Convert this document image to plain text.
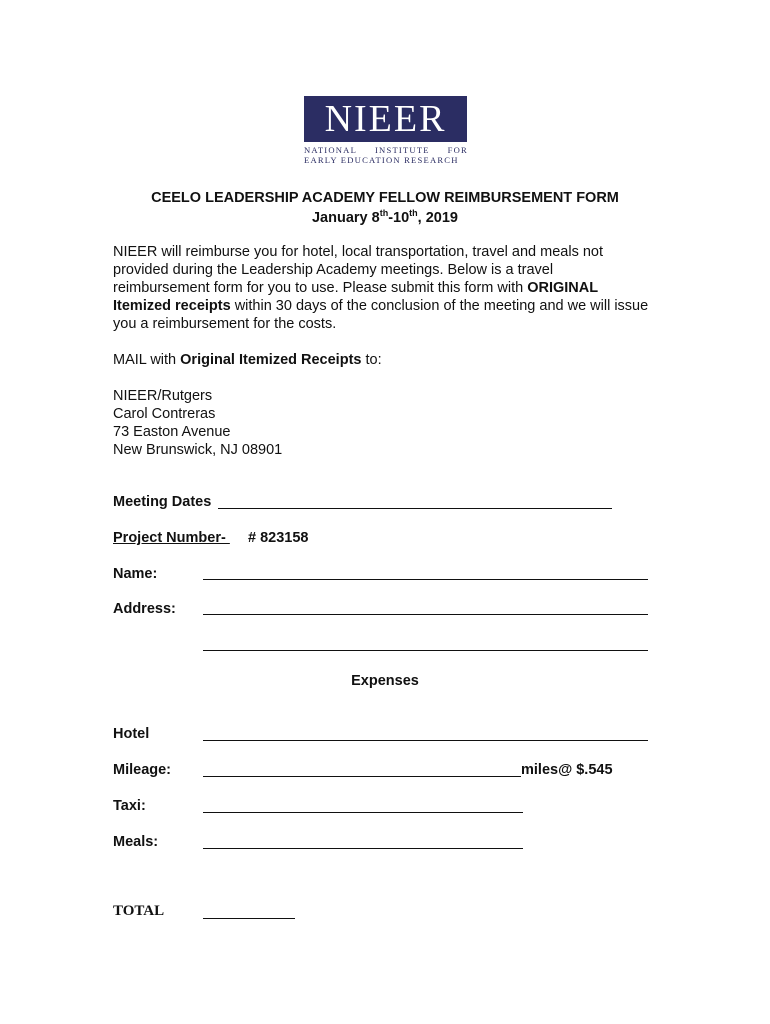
NIEER
NATIONAL INSTITUTE FOR
EARLY EDUCATION RESEARCH
CEELO LEADERSHIP ACADEMY FELLOW REIMBURSEMENT FORM
January 8th-10th, 2019
NIEER will reimburse you for hotel, local transportation, travel and meals not provided during the Leadership Academy meetings. Below is a travel reimbursement form for you to use. Please submit this form with ORIGINAL Itemized receipts within 30 days of the conclusion of the meeting and we will issue you a reimbursement for the costs.
MAIL with Original Itemized Receipts to:
NIEER/Rutgers
Carol Contreras
73 Easton Avenue
New Brunswick, NJ 08901
Meeting Dates
Project Number- # 823158
Name:
Address:
Expenses
Hotel
Mileage:	miles@ $.545
Taxi:
Meals:
TOTAL
